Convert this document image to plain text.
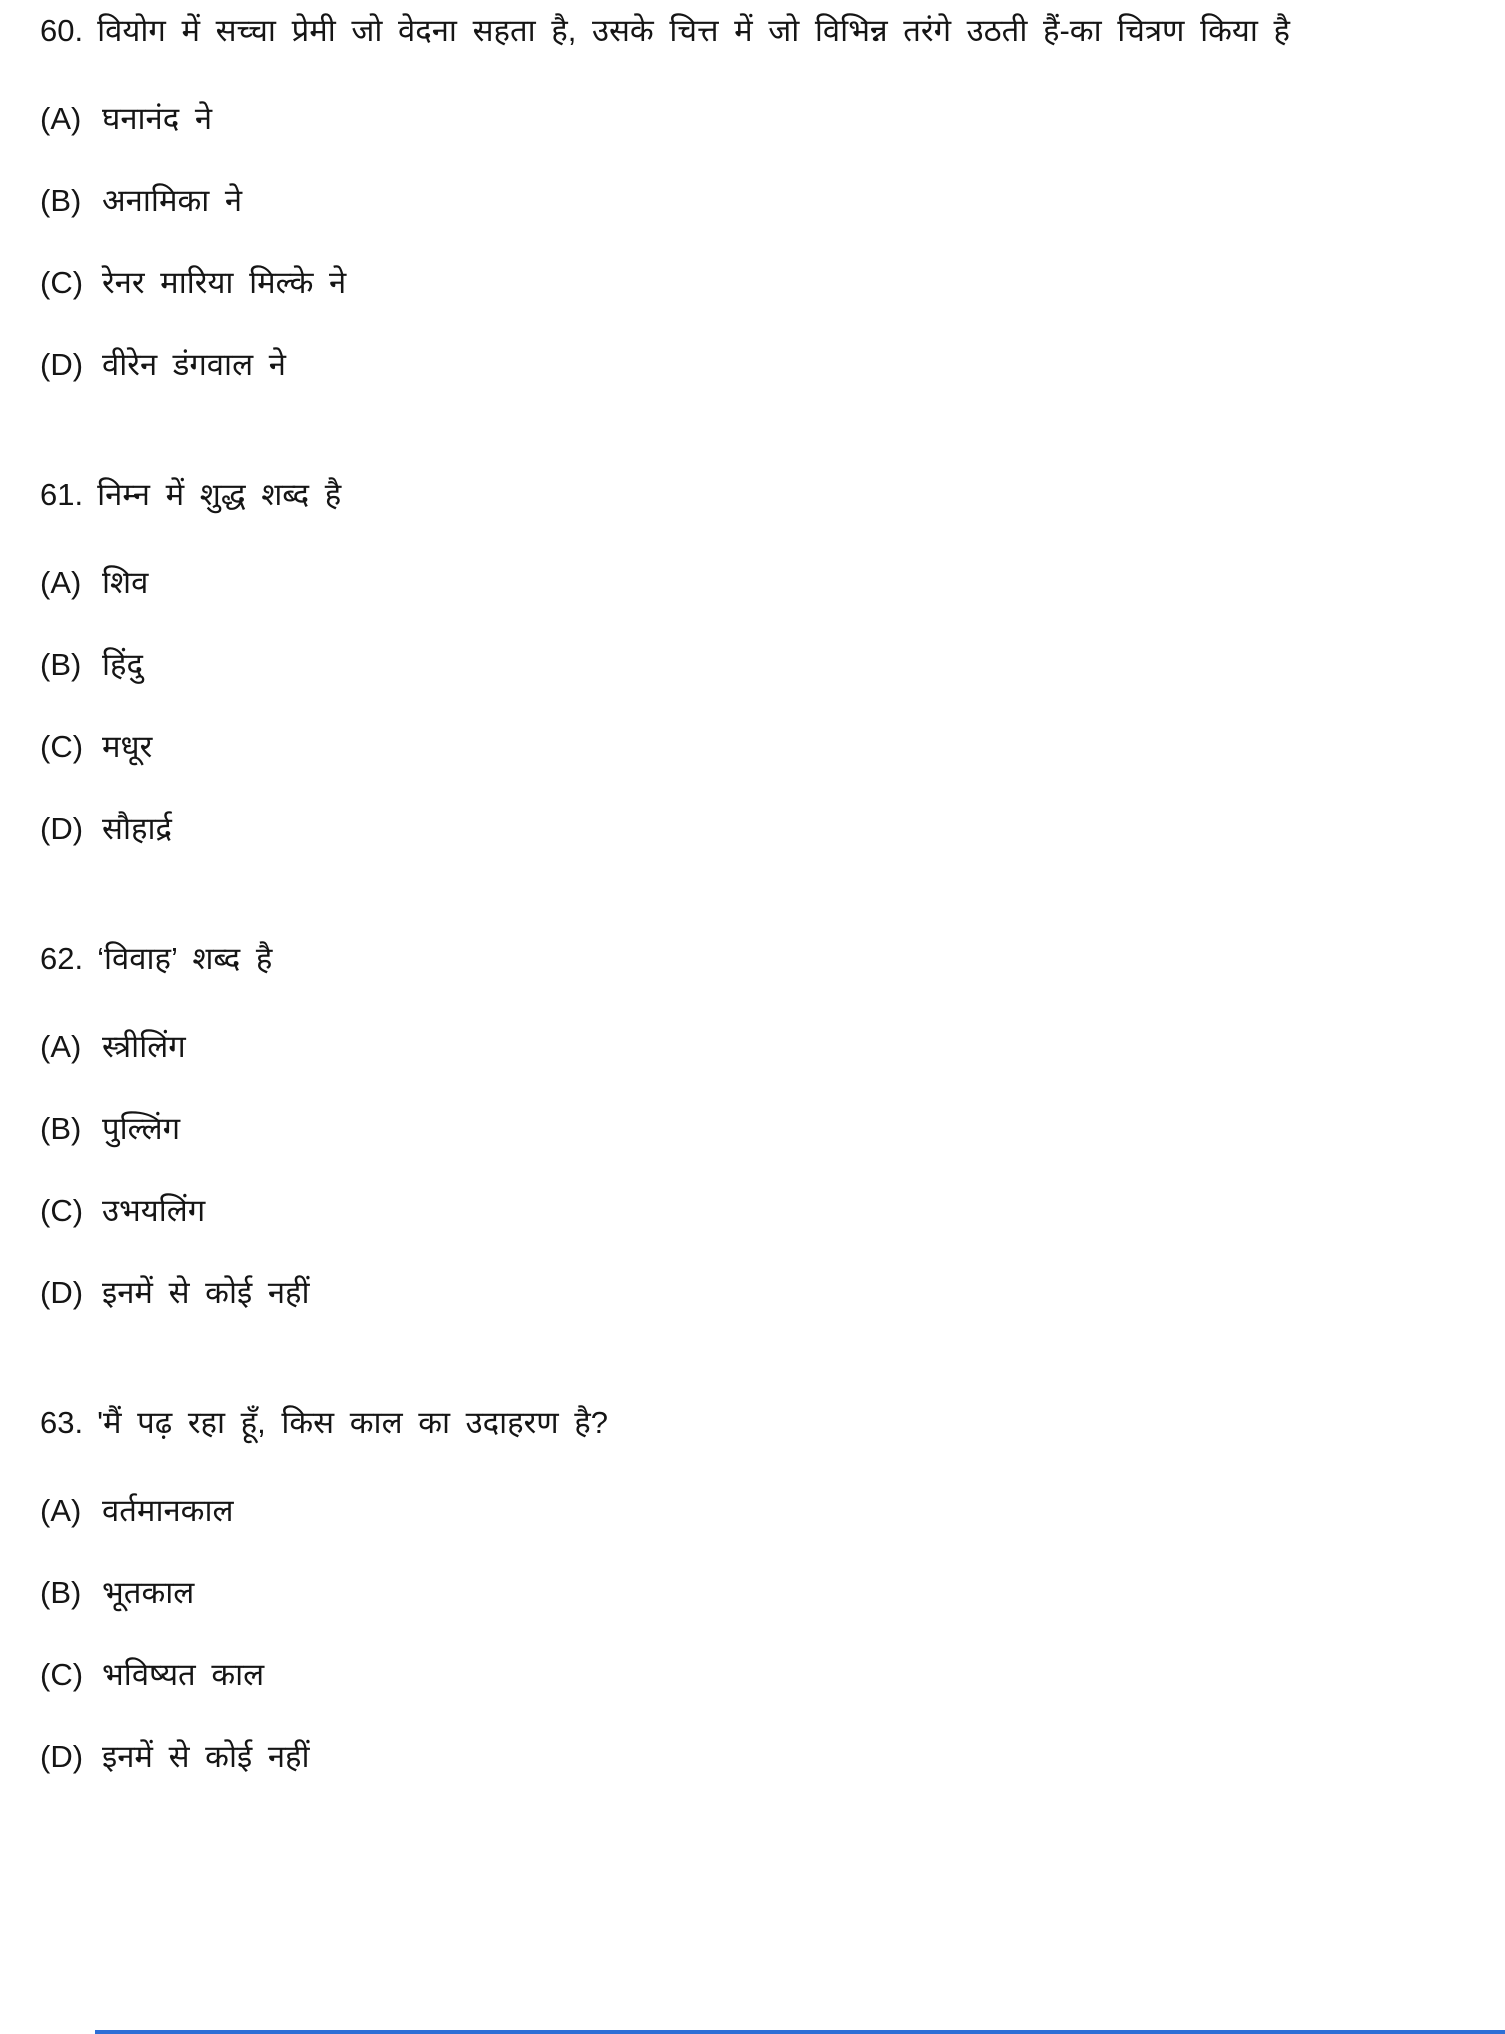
60. वियोग में सच्चा प्रेमी जो वेदना सहता है, उसके चित्त में जो विभिन्न तरंगे उठती हैं-का चित्रण किया है

(A) घनानंद ने
(B) अनामिका ने
(C) रेनर मारिया मिल्के ने
(D) वीरेन डंगवाल ने

61. निम्न में शुद्ध शब्द है

(A) शिव
(B) हिंदु
(C) मधूर
(D) सौहार्द्र

62. ‘विवाह’ शब्द है

(A) स्त्रीलिंग
(B) पुल्लिंग
(C) उभयलिंग
(D) इनमें से कोई नहीं

63. 'मैं पढ़ रहा हूँ, किस काल का उदाहरण है?

(A) वर्तमानकाल
(B) भूतकाल
(C) भविष्यत काल
(D) इनमें से कोई नहीं
